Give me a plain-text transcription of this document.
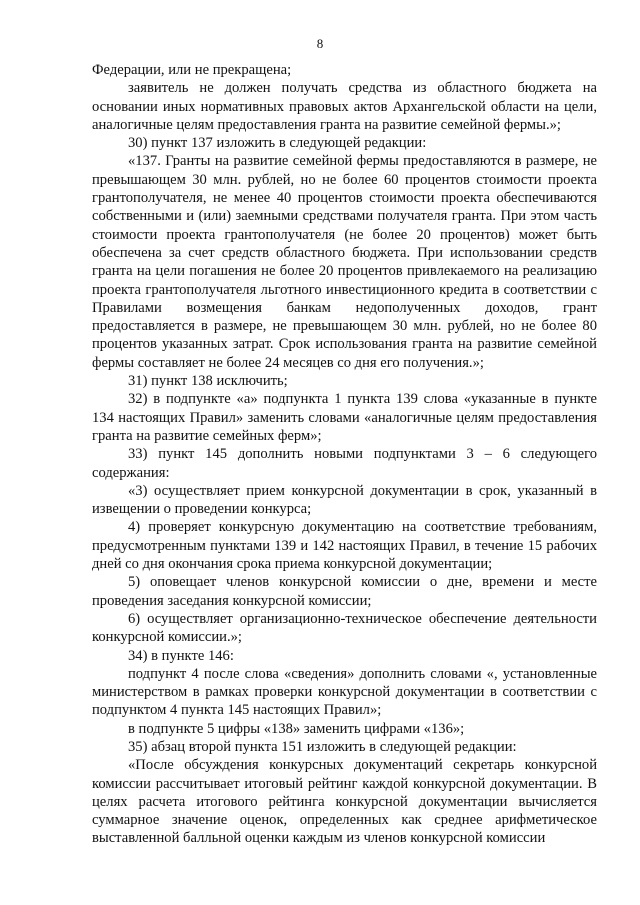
8

Федерации, или не прекращена;

заявитель не должен получать средства из областного бюджета на основании иных нормативных правовых актов Архангельской области на цели, аналогичные целям предоставления гранта на развитие семейной фермы.»;

30) пункт 137 изложить в следующей редакции:

«137. Гранты на развитие семейной фермы предоставляются в размере, не превышающем 30 млн. рублей, но не более 60 процентов стоимости проекта грантополучателя, не менее 40 процентов стоимости проекта обеспечиваются собственными и (или) заемными средствами получателя гранта. При этом часть стоимости проекта грантополучателя (не более 20 процентов) может быть обеспечена за счет средств областного бюджета. При использовании средств гранта на цели погашения не более 20 процентов привлекаемого на реализацию проекта грантополучателя льготного инвестиционного кредита в соответствии с Правилами возмещения банкам недополученных доходов, грант предоставляется в размере, не превышающем 30 млн. рублей, но не более 80 процентов указанных затрат. Срок использования гранта на развитие семейной фермы составляет не более 24 месяцев со дня его получения.»;

31) пункт 138 исключить;

32) в подпункте «а» подпункта 1 пункта 139 слова «указанные в пункте 134 настоящих Правил» заменить словами «аналогичные целям предоставления гранта на развитие семейных ферм»;

33) пункт 145 дополнить новыми подпунктами 3 – 6 следующего содержания:

«3) осуществляет прием конкурсной документации в срок, указанный в извещении о проведении конкурса;

4) проверяет конкурсную документацию на соответствие требованиям, предусмотренным пунктами 139 и 142 настоящих Правил, в течение 15 рабочих дней со дня окончания срока приема конкурсной документации;

5) оповещает членов конкурсной комиссии о дне, времени и месте проведения заседания конкурсной комиссии;

6) осуществляет организационно-техническое обеспечение деятельности конкурсной комиссии.»;

34) в пункте 146:

подпункт 4 после слова «сведения» дополнить словами «, установленные министерством в рамках проверки конкурсной документации в соответствии с подпунктом 4 пункта 145 настоящих Правил»;

в подпункте 5 цифры «138» заменить цифрами «136»;

35) абзац второй пункта 151 изложить в следующей редакции:

«После обсуждения конкурсных документаций секретарь конкурсной комиссии рассчитывает итоговый рейтинг каждой конкурсной документации. В целях расчета итогового рейтинга конкурсной документации вычисляется суммарное значение оценок, определенных как среднее арифметическое выставленной балльной оценки каждым из членов конкурсной комиссии
